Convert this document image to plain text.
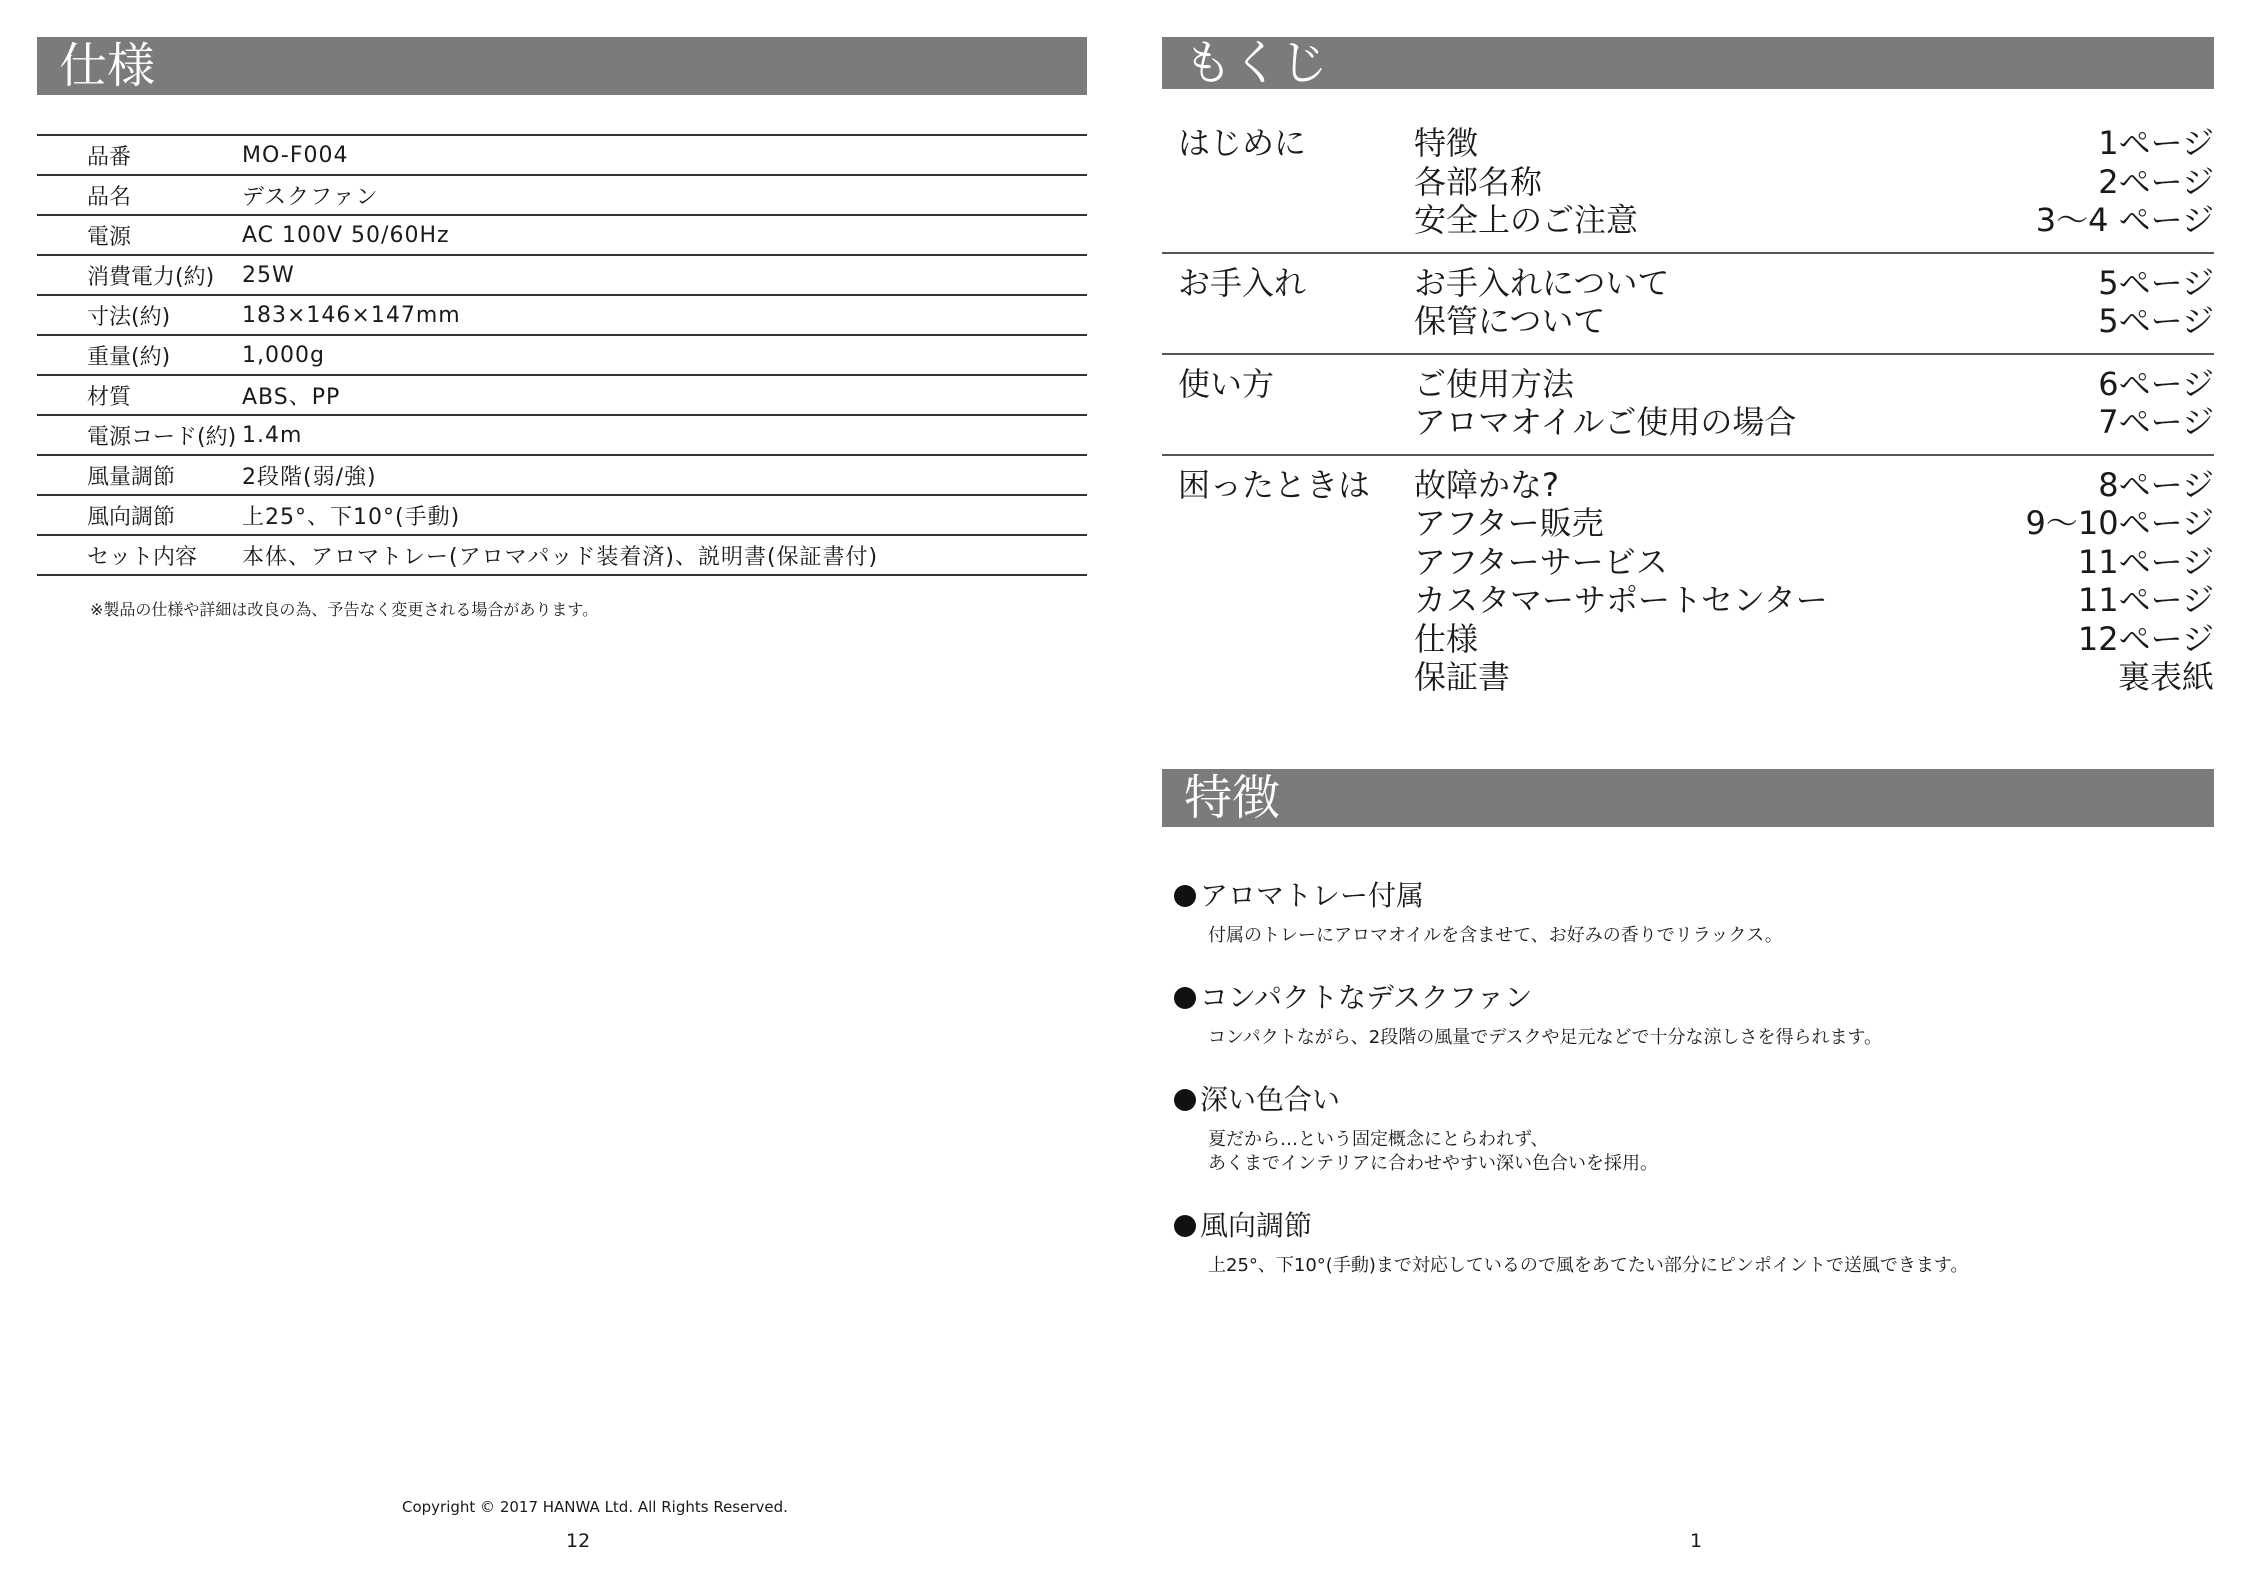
仕様
品番	MO-F004
品名	デスクファン
電源	AC 100V 50/60Hz
消費電力(約)	25W
寸法(約)	183×146×147mm
重量(約)	1,000g
材質	ABS、PP
電源コード(約) 1.4m
風量調節	2段階(弱/強)
風向調節	上25°、下10°(手動)
セット内容	本体、アロマトレー(アロマパッド装着済)、説明書(保証書付)
※製品の仕様や詳細は改良の為、予告なく変更される場合があります。
Copyright © 2017 HANWA Ltd. All Rights Reserved.
12
もくじ
はじめに	特徴	1ページ
各部名称	2ページ
安全上のご注意	3～4 ページ
お手入れ	お手入れについて	5ページ
保管について	5ページ
使い方	ご使用方法	6ページ
アロマオイルご使用の場合	7ページ
困ったときは	故障かな?	8ページ
アフター販売	9～10ページ
アフターサービス	11ページ
カスタマーサポートセンター	11ページ
仕様	12ページ
保証書	裏表紙
特徴
アロマトレー付属
付属のトレーにアロマオイルを含ませて、お好みの香りでリラックス。
コンパクトなデスクファン
コンパクトながら、2段階の風量でデスクや足元などで十分な涼しさを得られます。
深い色合い
夏だから…という固定概念にとらわれず、
あくまでインテリアに合わせやすい深い色合いを採用。
風向調節
上25°、下10°(手動)まで対応しているので風をあてたい部分にピンポイントで送風できます。
1
